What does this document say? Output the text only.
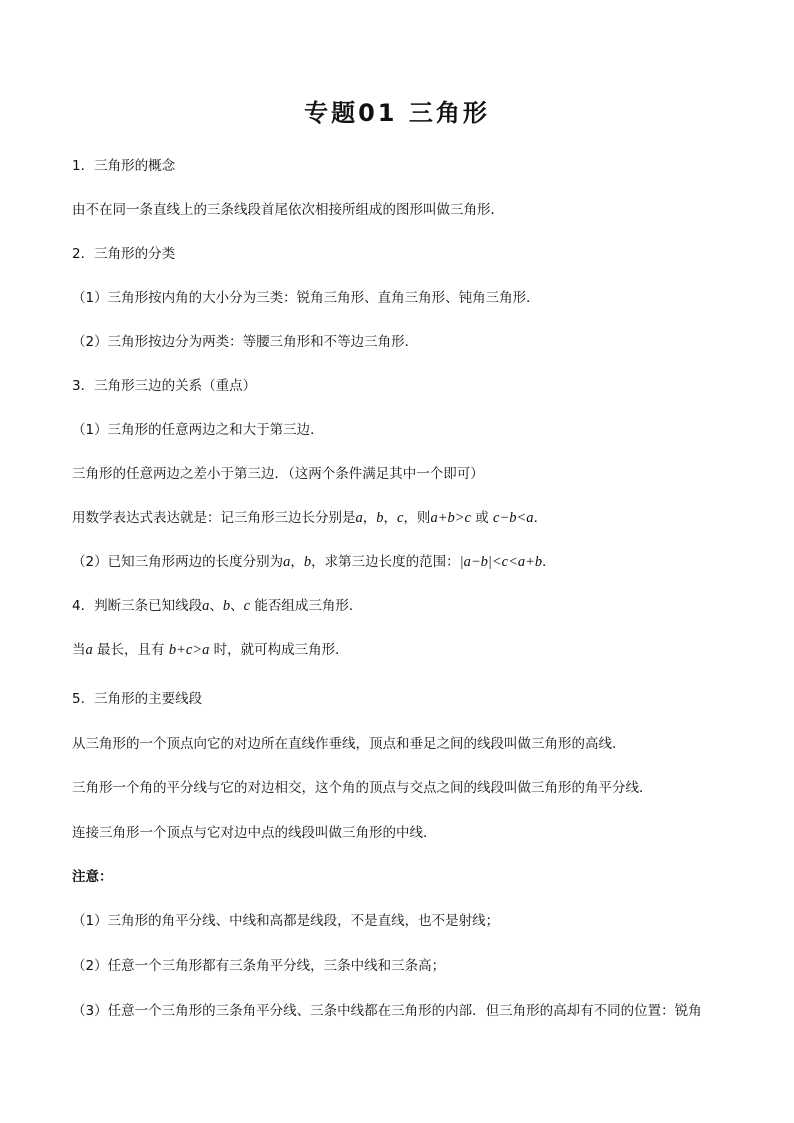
专题01 三角形
1．三角形的概念
由不在同一条直线上的三条线段首尾依次相接所组成的图形叫做三角形．
2．三角形的分类
（1）三角形按内角的大小分为三类：锐角三角形、直角三角形、钝角三角形．
（2）三角形按边分为两类：等腰三角形和不等边三角形．
3．三角形三边的关系（重点）
（1）三角形的任意两边之和大于第三边．
三角形的任意两边之差小于第三边．（这两个条件满足其中一个即可）
用数学表达式表达就是：记三角形三边长分别是a，b，c，则a+b>c 或 c−b<a．
（2）已知三角形两边的长度分别为a，b，求第三边长度的范围：|a−b|<c<a+b．
4．判断三条已知线段a、b、c 能否组成三角形．
当a 最长，且有 b+c>a 时，就可构成三角形．
5．三角形的主要线段
从三角形的一个顶点向它的对边所在直线作垂线，顶点和垂足之间的线段叫做三角形的高线．
三角形一个角的平分线与它的对边相交，这个角的顶点与交点之间的线段叫做三角形的角平分线．
连接三角形一个顶点与它对边中点的线段叫做三角形的中线．
注意：
（1）三角形的角平分线、中线和高都是线段，不是直线，也不是射线；
（2）任意一个三角形都有三条角平分线，三条中线和三条高；
（3）任意一个三角形的三条角平分线、三条中线都在三角形的内部．但三角形的高却有不同的位置：锐角
